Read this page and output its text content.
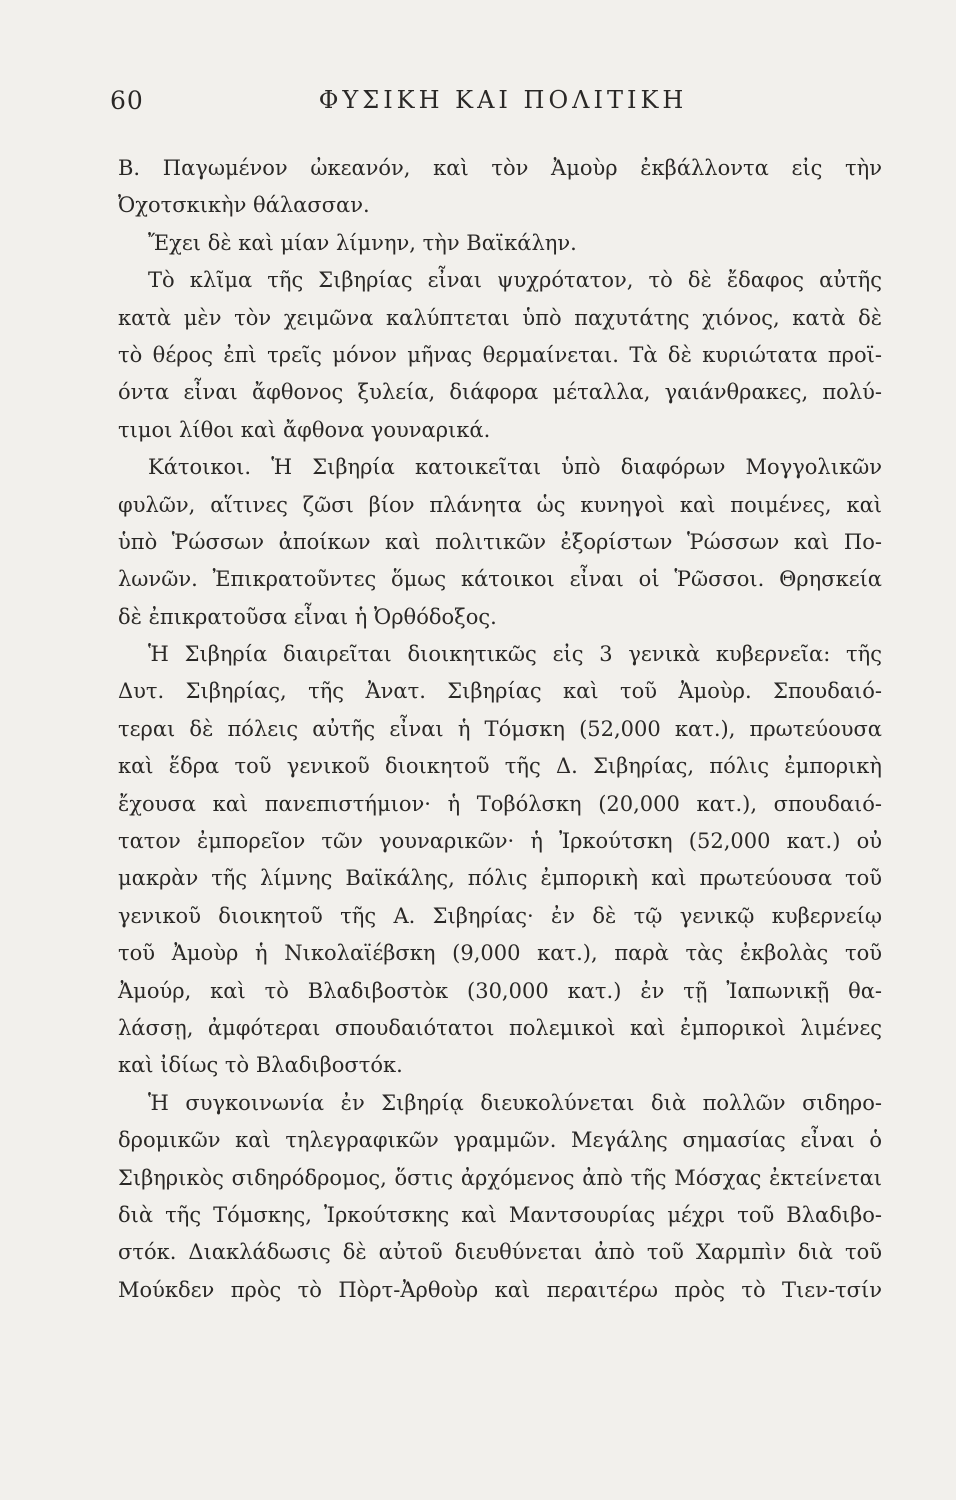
60	ΦΥΣΙΚΗ ΚΑΙ ΠΟΛΙΤΙΚΗ
Β. Παγωμένον ὠκεανόν, καὶ τὸν Ἀμοὺρ ἐκβάλλοντα εἰς τὴν
Ὀχοτσκικὴν θάλασσαν.
Ἔχει δὲ καὶ μίαν λίμνην, τὴν Βαϊκάλην.
Τὸ κλῖμα τῆς Σιβηρίας εἶναι ψυχρότατον, τὸ δὲ ἔδαφος αὐτῆς
κατὰ μὲν τὸν χειμῶνα καλύπτεται ὑπὸ παχυτάτης χιόνος, κατὰ δὲ
τὸ θέρος ἐπὶ τρεῖς μόνον μῆνας θερμαίνεται. Τὰ δὲ κυριώτατα προϊ-
όντα εἶναι ἄφθονος ξυλεία, διάφορα μέταλλα, γαιάνθρακες, πολύ-
τιμοι λίθοι καὶ ἄφθονα γουναρικά.
Κάτοικοι. Ἡ Σιβηρία κατοικεῖται ὑπὸ διαφόρων Μογγολικῶν
φυλῶν, αἵτινες ζῶσι βίον πλάνητα ὡς κυνηγοὶ καὶ ποιμένες, καὶ
ὑπὸ Ῥώσσων ἀποίκων καὶ πολιτικῶν ἐξορίστων Ῥώσσων καὶ Πο-
λωνῶν. Ἐπικρατοῦντες ὅμως κάτοικοι εἶναι οἱ Ῥῶσσοι. Θρησκεία
δὲ ἐπικρατοῦσα εἶναι ἡ Ὀρθόδοξος.
Ἡ Σιβηρία διαιρεῖται διοικητικῶς εἰς 3 γενικὰ κυβερνεῖα: τῆς
Δυτ. Σιβηρίας, τῆς Ἀνατ. Σιβηρίας καὶ τοῦ Ἀμοὺρ. Σπουδαιό-
τεραι δὲ πόλεις αὐτῆς εἶναι ἡ Τόμσκη (52,000 κατ.), πρωτεύουσα
καὶ ἕδρα τοῦ γενικοῦ διοικητοῦ τῆς Δ. Σιβηρίας, πόλις ἐμπορικὴ
ἔχουσα καὶ πανεπιστήμιον· ἡ Τοβόλσκη (20,000 κατ.), σπουδαιό-
τατον ἐμπορεῖον τῶν γουναρικῶν· ἡ Ἰρκούτσκη (52,000 κατ.) οὐ
μακρὰν τῆς λίμνης Βαϊκάλης, πόλις ἐμπορικὴ καὶ πρωτεύουσα τοῦ
γενικοῦ διοικητοῦ τῆς Α. Σιβηρίας· ἐν δὲ τῷ γενικῷ κυβερνείῳ
τοῦ Ἀμοὺρ ἡ Νικολαϊέβσκη (9,000 κατ.), παρὰ τὰς ἐκβολὰς τοῦ
Ἀμούρ, καὶ τὸ Βλαδιβοστὸκ (30,000 κατ.) ἐν τῇ Ἰαπωνικῇ θα-
λάσσῃ, ἀμφότεραι σπουδαιότατοι πολεμικοὶ καὶ ἐμπορικοὶ λιμένες
καὶ ἰδίως τὸ Βλαδιβοστόκ.
Ἡ συγκοινωνία ἐν Σιβηρίᾳ διευκολύνεται διὰ πολλῶν σιδηρο-
δρομικῶν καὶ τηλεγραφικῶν γραμμῶν. Μεγάλης σημασίας εἶναι ὁ
Σιβηρικὸς σιδηρόδρομος, ὅστις ἀρχόμενος ἀπὸ τῆς Μόσχας ἐκτείνεται
διὰ τῆς Τόμσκης, Ἰρκούτσκης καὶ Μαντσουρίας μέχρι τοῦ Βλαδιβο-
στόκ. Διακλάδωσις δὲ αὐτοῦ διευθύνεται ἀπὸ τοῦ Χαρμπὶν διὰ τοῦ
Μούκδεν πρὸς τὸ Πὸρτ-Ἀρθοὺρ καὶ περαιτέρω πρὸς τὸ Τιεν-τσίν
